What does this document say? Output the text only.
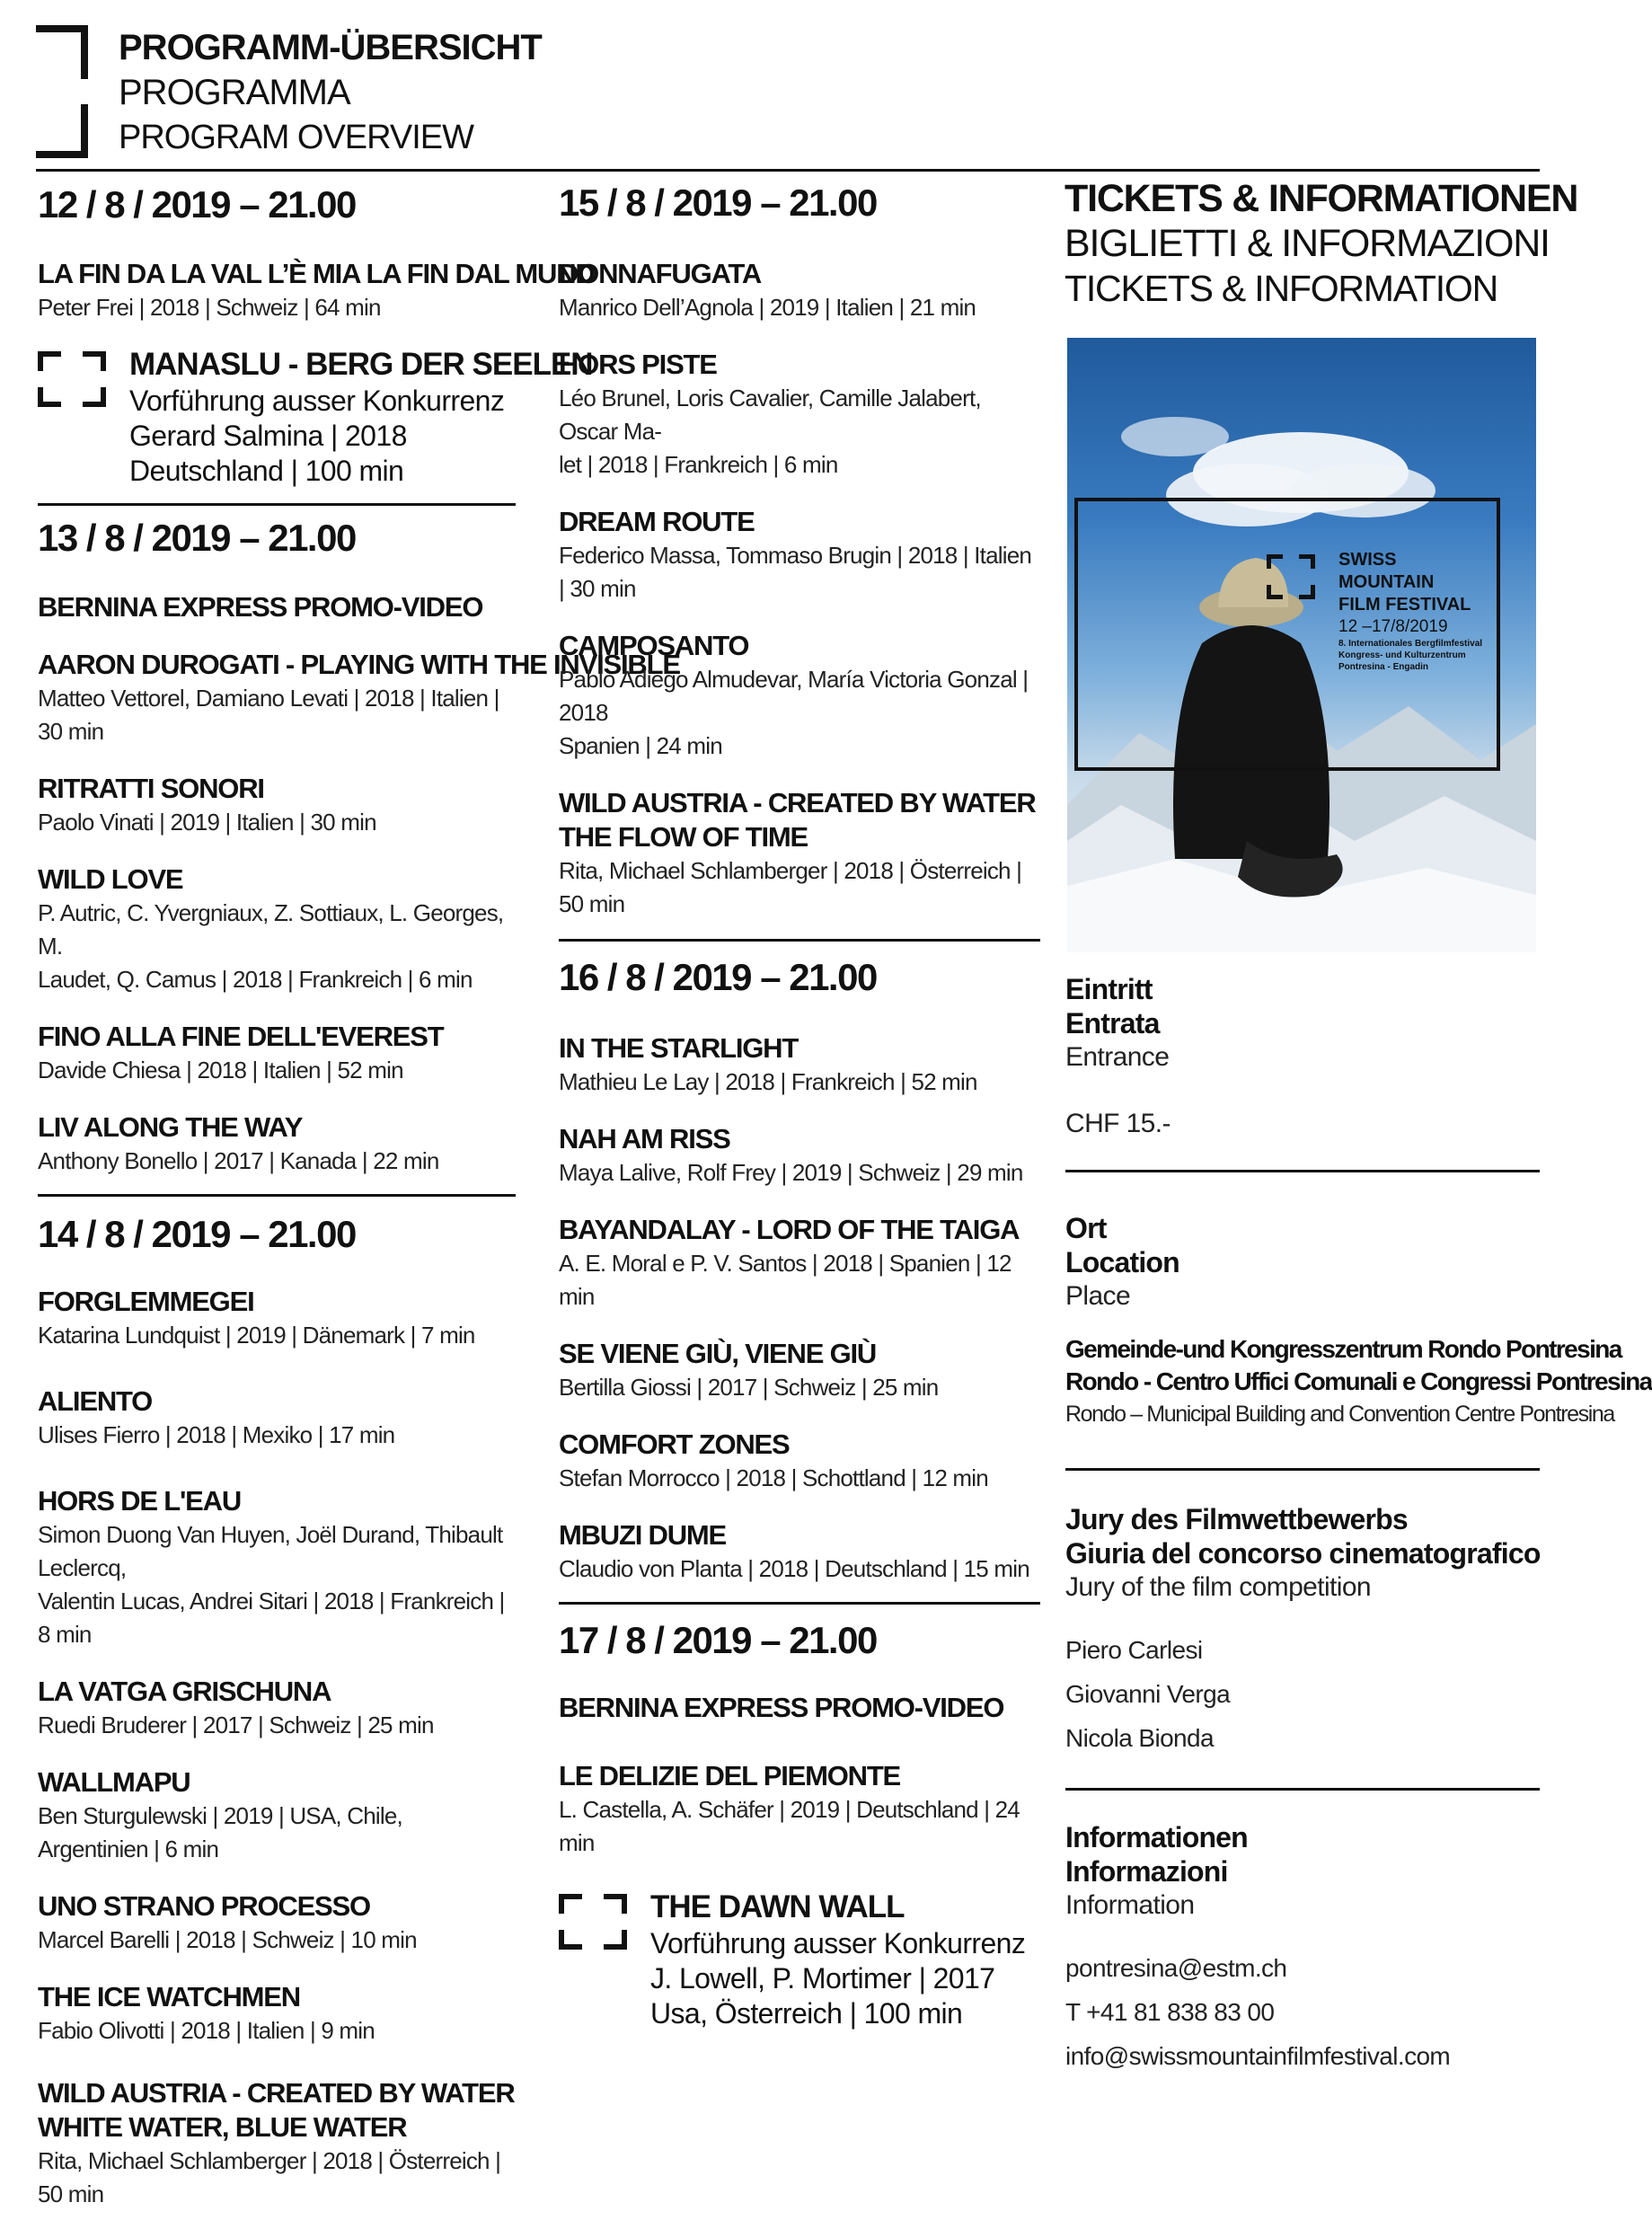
PROGRAMM-ÜBERSICHT
PROGRAMMA
PROGRAM OVERVIEW
12 / 8 / 2019 – 21.00
LA FIN DA LA VAL L’È MIA LA FIN DAL MUND
Peter Frei | 2018 | Schweiz | 64 min
MANASLU - BERG DER SEELEN
Vorführung ausser Konkurrenz
Gerard Salmina | 2018
Deutschland | 100 min
13 / 8 / 2019 – 21.00
BERNINA EXPRESS PROMO-VIDEO
AARON DUROGATI - PLAYING WITH THE INVISIBLE
Matteo Vettorel, Damiano Levati | 2018 | Italien | 30 min
RITRATTI SONORI
Paolo Vinati | 2019 | Italien | 30 min
WILD LOVE
P. Autric, C. Yvergniaux, Z. Sottiaux, L. Georges, M.
Laudet, Q. Camus | 2018 | Frankreich | 6 min
FINO ALLA FINE DELL'EVEREST
Davide Chiesa | 2018 | Italien | 52 min
LIV ALONG THE WAY
Anthony Bonello | 2017 | Kanada | 22 min
14 / 8 / 2019 – 21.00
FORGLEMMEGEI
Katarina Lundquist | 2019 | Dänemark | 7 min
ALIENTO
Ulises Fierro | 2018 | Mexiko | 17 min
HORS DE L'EAU
Simon Duong Van Huyen, Joël Durand, Thibault Leclercq,
Valentin Lucas, Andrei Sitari | 2018 | Frankreich | 8 min
LA VATGA GRISCHUNA
Ruedi Bruderer | 2017 | Schweiz | 25 min
WALLMAPU
Ben Sturgulewski | 2019 | USA, Chile, Argentinien | 6 min
UNO STRANO PROCESSO
Marcel Barelli | 2018 | Schweiz | 10 min
THE ICE WATCHMEN
Fabio Olivotti | 2018 | Italien | 9 min
WILD AUSTRIA - CREATED BY WATER
WHITE WATER, BLUE WATER
Rita, Michael Schlamberger | 2018 | Österreich | 50 min
15 / 8 / 2019 – 21.00
DONNAFUGATA
Manrico Dell’Agnola | 2019 | Italien | 21 min
HORS PISTE
Léo Brunel, Loris Cavalier, Camille Jalabert, Oscar Ma-
let | 2018 | Frankreich | 6 min
DREAM ROUTE
Federico Massa, Tommaso Brugin | 2018 | Italien | 30 min
CAMPOSANTO
Pablo Adiego Almudevar, María Victoria Gonzal | 2018
Spanien | 24 min
WILD AUSTRIA - CREATED BY WATER
THE FLOW OF TIME
Rita, Michael Schlamberger | 2018 | Österreich | 50 min
16 / 8 / 2019 – 21.00
IN THE STARLIGHT
Mathieu Le Lay | 2018 | Frankreich | 52 min
NAH AM RISS
Maya Lalive, Rolf Frey | 2019 | Schweiz | 29 min
BAYANDALAY - LORD OF THE TAIGA
A. E. Moral e P. V. Santos | 2018 | Spanien | 12 min
SE VIENE GIÙ, VIENE GIÙ
Bertilla Giossi | 2017 | Schweiz | 25 min
COMFORT ZONES
Stefan Morrocco | 2018 | Schottland | 12 min
MBUZI DUME
Claudio von Planta | 2018 | Deutschland | 15 min
17 / 8 / 2019 – 21.00
BERNINA EXPRESS PROMO-VIDEO
LE DELIZIE DEL PIEMONTE
L. Castella, A. Schäfer | 2019 | Deutschland | 24 min
THE DAWN WALL
Vorführung ausser Konkurrenz
J. Lowell, P. Mortimer | 2017
Usa, Österreich | 100 min
TICKETS & INFORMATIONEN
BIGLIETTI & INFORMAZIONI
TICKETS & INFORMATION
SWISS
MOUNTAIN
FILM FESTIVAL
12 –17/8/2019
8. Internationales Bergfilmfestival
Kongress- und Kulturzentrum
Pontresina - Engadin
Eintritt
Entrata
Entrance
CHF 15.-
Ort
Location
Place
Gemeinde-und Kongresszentrum Rondo Pontresina
Rondo - Centro Uffici Comunali e Congressi Pontresina
Rondo – Municipal Building and Convention Centre Pontresina
Jury des Filmwettbewerbs
Giuria del concorso cinematografico
Jury of the film competition
Piero Carlesi
Giovanni Verga
Nicola Bionda
Informationen
Informazioni
Information
pontresina@estm.ch
T +41 81 838 83 00
info@swissmountainfilmfestival.com
